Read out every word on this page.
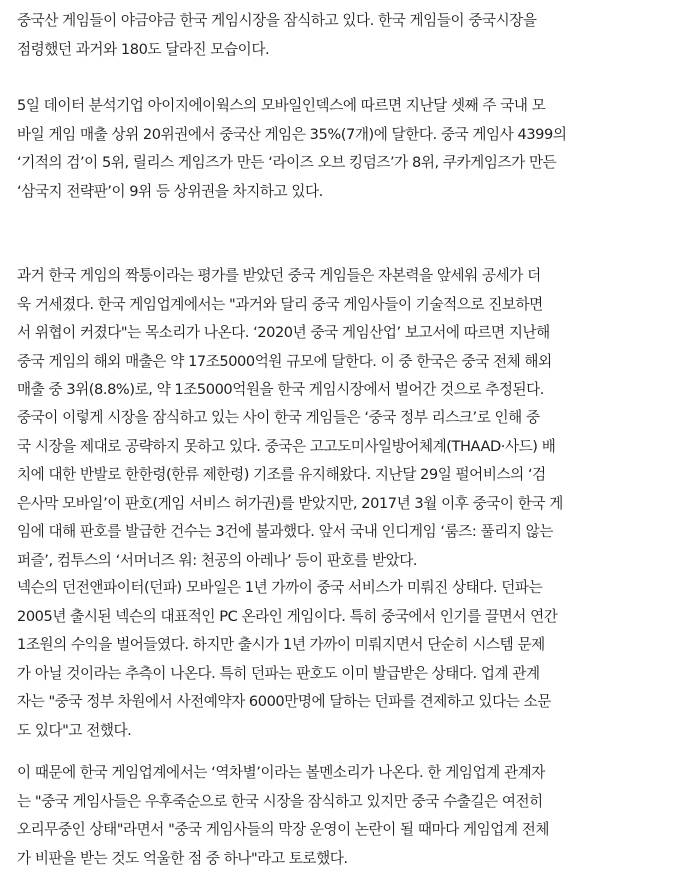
중국산 게임들이 야금야금 한국 게임시장을 잠식하고 있다. 한국 게임들이 중국시장을
점령했던 과거와 180도 달라진 모습이다.

5일 데이터 분석기업 아이지에이웍스의 모바일인덱스에 따르면 지난달 셋째 주 국내 모
바일 게임 매출 상위 20위권에서 중국산 게임은 35%(7개)에 달한다. 중국 게임사 4399의
‘기적의 검’이 5위, 릴리스 게임즈가 만든 ‘라이즈 오브 킹덤즈’가 8위, 쿠카게임즈가 만든
‘삼국지 전략판’이 9위 등 상위권을 차지하고 있다.

과거 한국 게임의 짝퉁이라는 평가를 받았던 중국 게임들은 자본력을 앞세워 공세가 더
욱 거세졌다. 한국 게임업계에서는 "과거와 달리 중국 게임사들이 기술적으로 진보하면
서 위협이 커졌다"는 목소리가 나온다. ‘2020년 중국 게임산업’ 보고서에 따르면 지난해
중국 게임의 해외 매출은 약 17조5000억원 규모에 달한다. 이 중 한국은 중국 전체 해외
매출 중 3위(8.8%)로, 약 1조5000억원을 한국 게임시장에서 벌어간 것으로 추정된다.

중국이 이렇게 시장을 잠식하고 있는 사이 한국 게임들은 ‘중국 정부 리스크’로 인해 중
국 시장을 제대로 공략하지 못하고 있다. 중국은 고고도미사일방어체계(THAAD·사드) 배
치에 대한 반발로 한한령(한류 제한령) 기조를 유지해왔다. 지난달 29일 펄어비스의 ‘검
은사막 모바일’이 판호(게임 서비스 허가권)를 받았지만, 2017년 3월 이후 중국이 한국 게
임에 대해 판호를 발급한 건수는 3건에 불과했다. 앞서 국내 인디게임 ‘룸즈: 풀리지 않는
퍼즐’, 컴투스의 ‘서머너즈 워: 천공의 아레나’ 등이 판호를 받았다.

넥슨의 던전앤파이터(던파) 모바일은 1년 가까이 중국 서비스가 미뤄진 상태다. 던파는
2005년 출시된 넥슨의 대표적인 PC 온라인 게임이다. 특히 중국에서 인기를 끌면서 연간
1조원의 수익을 벌어들였다. 하지만 출시가 1년 가까이 미뤄지면서 단순히 시스템 문제
가 아닐 것이라는 추측이 나온다. 특히 던파는 판호도 이미 발급받은 상태다. 업계 관계
자는 "중국 정부 차원에서 사전예약자 6000만명에 달하는 던파를 견제하고 있다는 소문
도 있다"고 전했다.

이 때문에 한국 게임업계에서는 ‘역차별’이라는 볼멘소리가 나온다. 한 게임업계 관계자
는 "중국 게임사들은 우후죽순으로 한국 시장을 잠식하고 있지만 중국 수출길은 여전히
오리무중인 상태"라면서 "중국 게임사들의 막장 운영이 논란이 될 때마다 게임업계 전체
가 비판을 받는 것도 억울한 점 중 하나"라고 토로했다.
